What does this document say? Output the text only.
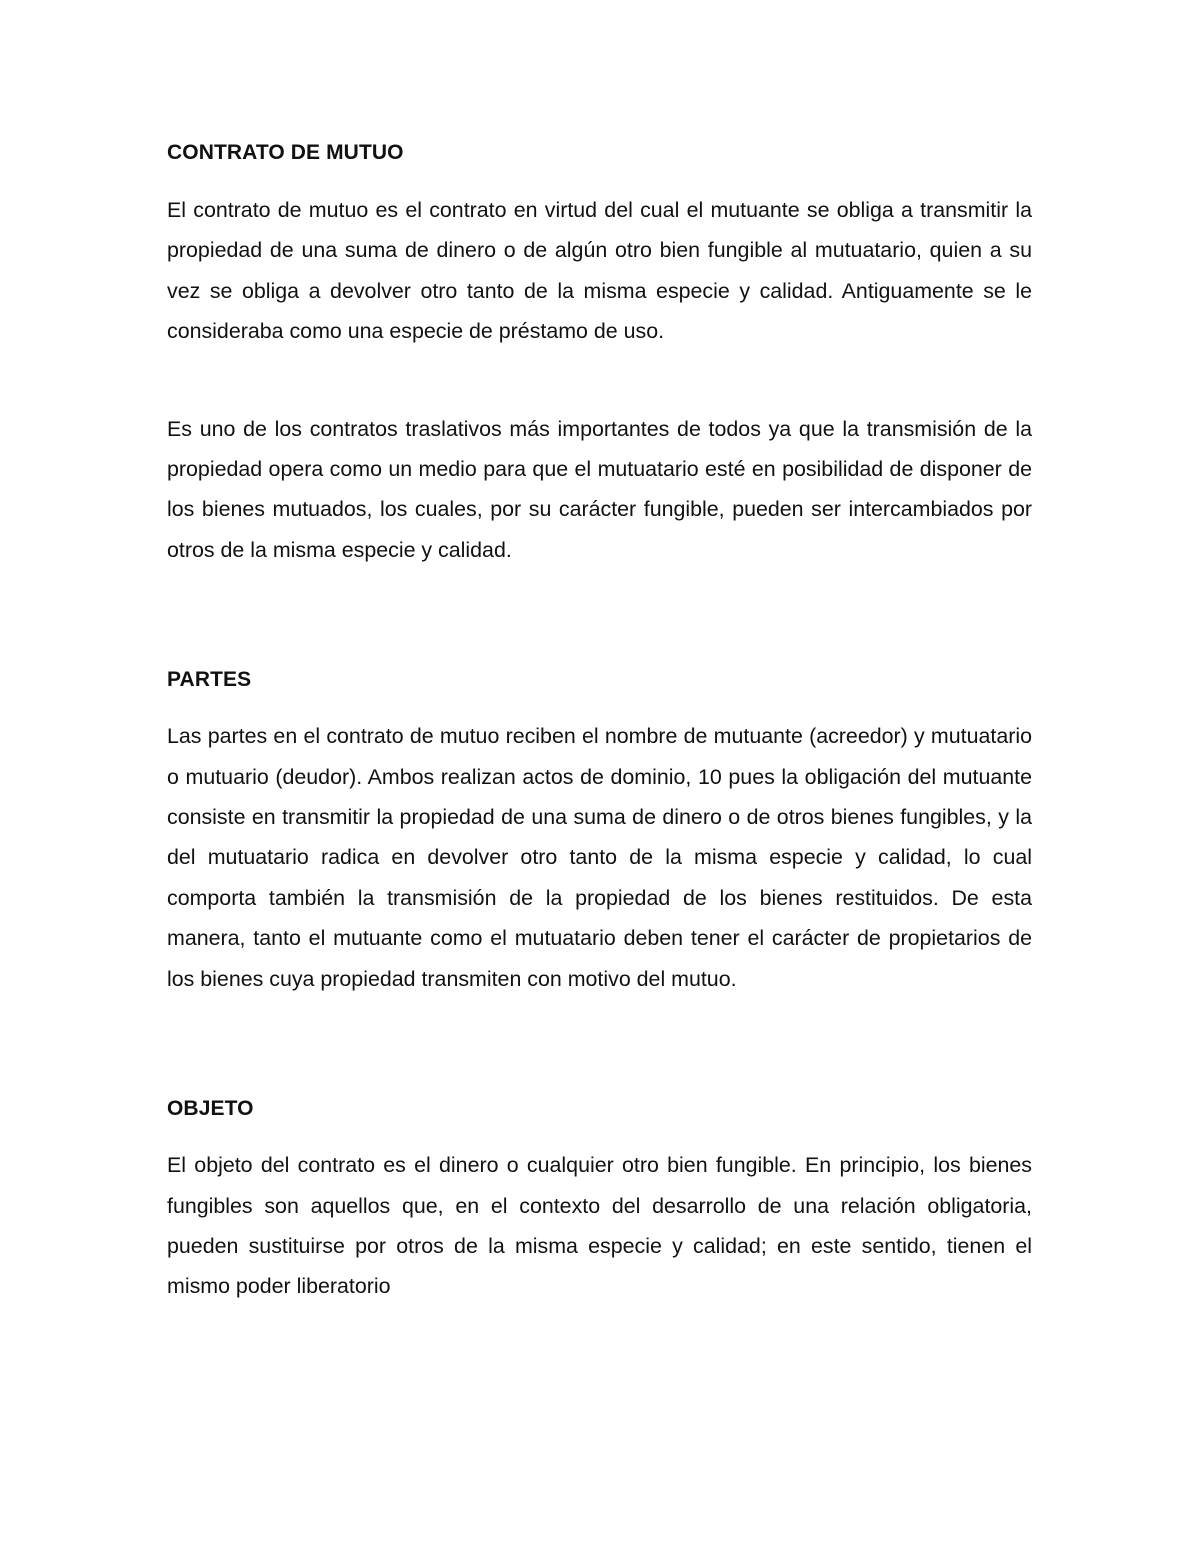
CONTRATO DE MUTUO

El contrato de mutuo es el contrato en virtud del cual el mutuante se obliga a transmitir la propiedad de una suma de dinero o de algún otro bien fungible al mutuatario, quien a su vez se obliga a devolver otro tanto de la misma especie y calidad. Antiguamente se le consideraba como una especie de préstamo de uso.

Es uno de los contratos traslativos más importantes de todos ya que la transmisión de la propiedad opera como un medio para que el mutuatario esté en posibilidad de disponer de los bienes mutuados, los cuales, por su carácter fungible, pueden ser intercambiados por otros de la misma especie y calidad.

PARTES

Las partes en el contrato de mutuo reciben el nombre de mutuante (acreedor) y mutuatario o mutuario (deudor). Ambos realizan actos de dominio, 10 pues la obligación del mutuante consiste en transmitir la propiedad de una suma de dinero o de otros bienes fungibles, y la del mutuatario radica en devolver otro tanto de la misma especie y calidad, lo cual comporta también la transmisión de la propiedad de los bienes restituidos. De esta manera, tanto el mutuante como el mutuatario deben tener el carácter de propietarios de los bienes cuya propiedad transmiten con motivo del mutuo.

OBJETO

El objeto del contrato es el dinero o cualquier otro bien fungible. En principio, los bienes fungibles son aquellos que, en el contexto del desarrollo de una relación obligatoria, pueden sustituirse por otros de la misma especie y calidad; en este sentido, tienen el mismo poder liberatorio
